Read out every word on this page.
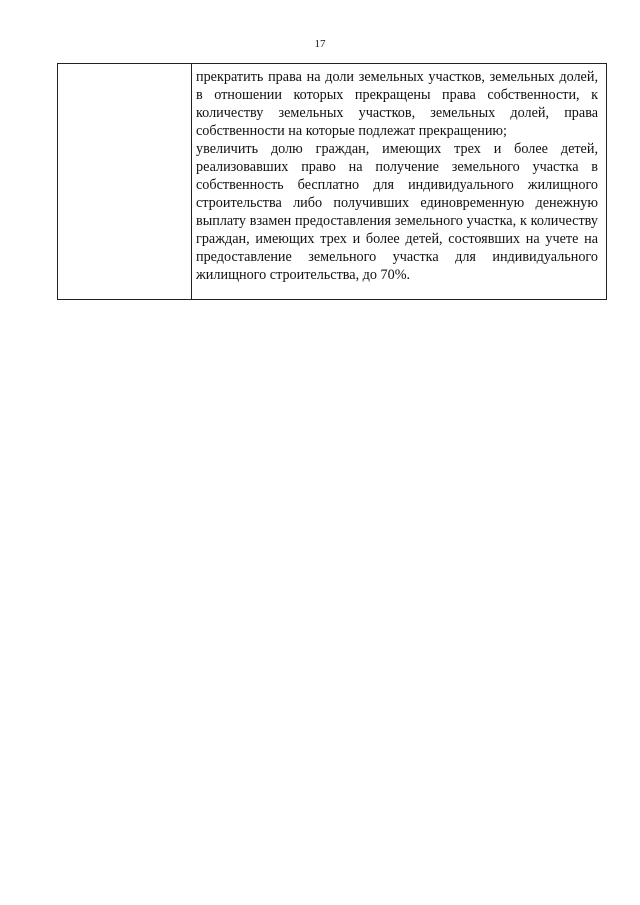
17

прекратить права на доли земельных участков, земельных долей, в отношении которых прекращены права собственности, к количеству земельных участков, земельных долей, права собственности на которые подлежат прекращению;

увеличить долю граждан, имеющих трех и более детей, реализовавших право на получение земельного участка в собственность бесплатно для индивидуального жилищного строительства либо получивших единовременную денежную выплату взамен предоставления земельного участка, к количеству граждан, имеющих трех и более детей, состоявших на учете на предоставление земельного участка для индивидуального жилищного строительства, до 70%.
